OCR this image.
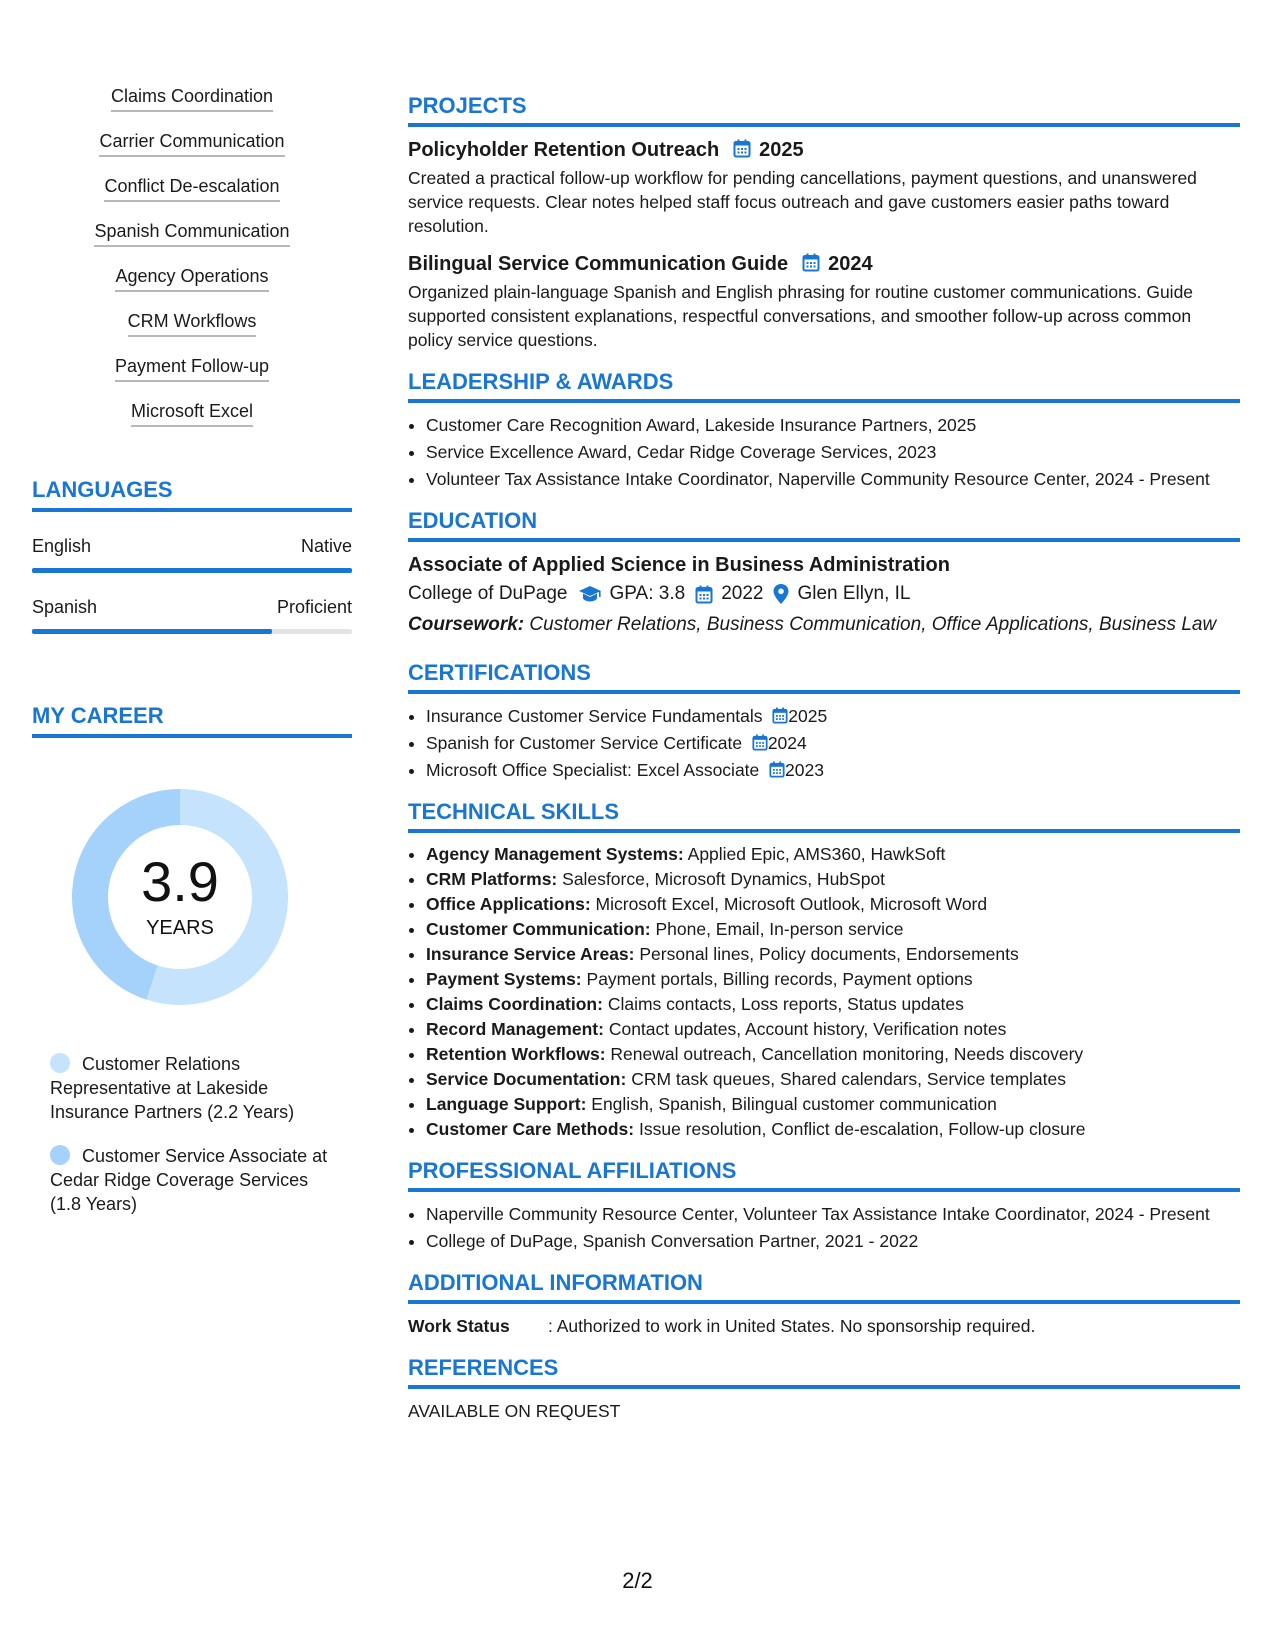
Claims Coordination
Carrier Communication
Conflict De-escalation
Spanish Communication
Agency Operations
CRM Workflows
Payment Follow-up
Microsoft Excel
LANGUAGES
English	Native
Spanish	Proficient
MY CAREER
3.9
YEARS
Customer Relations Representative at Lakeside Insurance Partners (2.2 Years)
Customer Service Associate at Cedar Ridge Coverage Services (1.8 Years)
PROJECTS
Policyholder Retention Outreach 2025
Created a practical follow-up workflow for pending cancellations, payment questions, and unanswered service requests. Clear notes helped staff focus outreach and gave customers easier paths toward resolution.
Bilingual Service Communication Guide 2024
Organized plain-language Spanish and English phrasing for routine customer communications. Guide supported consistent explanations, respectful conversations, and smoother follow-up across common policy service questions.
LEADERSHIP & AWARDS
• Customer Care Recognition Award, Lakeside Insurance Partners, 2025
• Service Excellence Award, Cedar Ridge Coverage Services, 2023
• Volunteer Tax Assistance Intake Coordinator, Naperville Community Resource Center, 2024 - Present
EDUCATION
Associate of Applied Science in Business Administration
College of DuPage GPA: 3.8 2022 Glen Ellyn, IL
Coursework: Customer Relations, Business Communication, Office Applications, Business Law
CERTIFICATIONS
• Insurance Customer Service Fundamentals 2025
• Spanish for Customer Service Certificate 2024
• Microsoft Office Specialist: Excel Associate 2023
TECHNICAL SKILLS
• Agency Management Systems: Applied Epic, AMS360, HawkSoft
• CRM Platforms: Salesforce, Microsoft Dynamics, HubSpot
• Office Applications: Microsoft Excel, Microsoft Outlook, Microsoft Word
• Customer Communication: Phone, Email, In-person service
• Insurance Service Areas: Personal lines, Policy documents, Endorsements
• Payment Systems: Payment portals, Billing records, Payment options
• Claims Coordination: Claims contacts, Loss reports, Status updates
• Record Management: Contact updates, Account history, Verification notes
• Retention Workflows: Renewal outreach, Cancellation monitoring, Needs discovery
• Service Documentation: CRM task queues, Shared calendars, Service templates
• Language Support: English, Spanish, Bilingual customer communication
• Customer Care Methods: Issue resolution, Conflict de-escalation, Follow-up closure
PROFESSIONAL AFFILIATIONS
• Naperville Community Resource Center, Volunteer Tax Assistance Intake Coordinator, 2024 - Present
• College of DuPage, Spanish Conversation Partner, 2021 - 2022
ADDITIONAL INFORMATION
Work Status	: Authorized to work in United States. No sponsorship required.
REFERENCES
AVAILABLE ON REQUEST
2/2
